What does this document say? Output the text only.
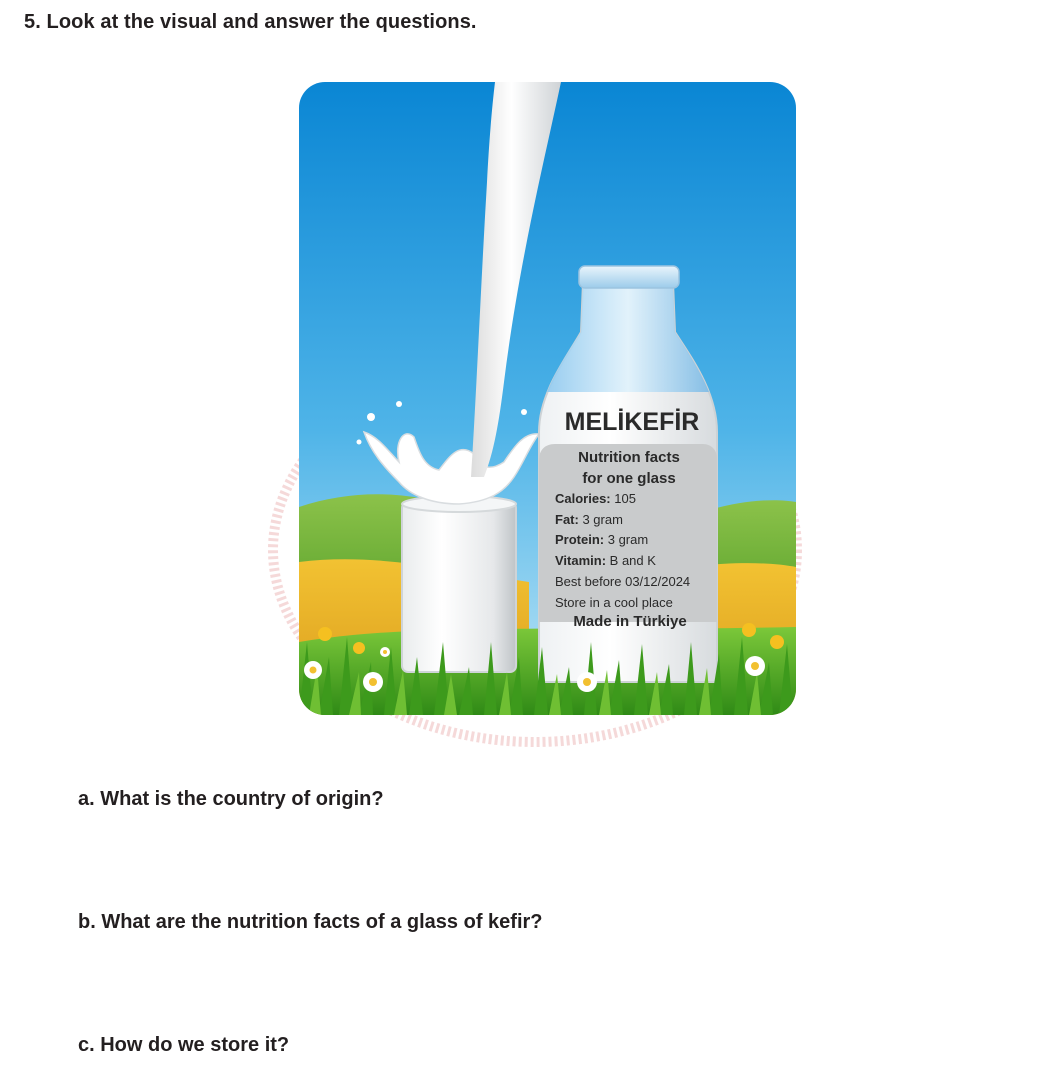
5. Look at the visual and answer the questions.
MELİKEFİR
Nutrition facts
for one glass
Calories: 105
Fat: 3 gram
Protein: 3 gram
Vitamin: B and K
Best before 03/12/2024
Store in a cool place
Made in Türkiye
a. What is the country of origin?
b. What are the nutrition facts of a glass of kefir?
c. How do we store it?
